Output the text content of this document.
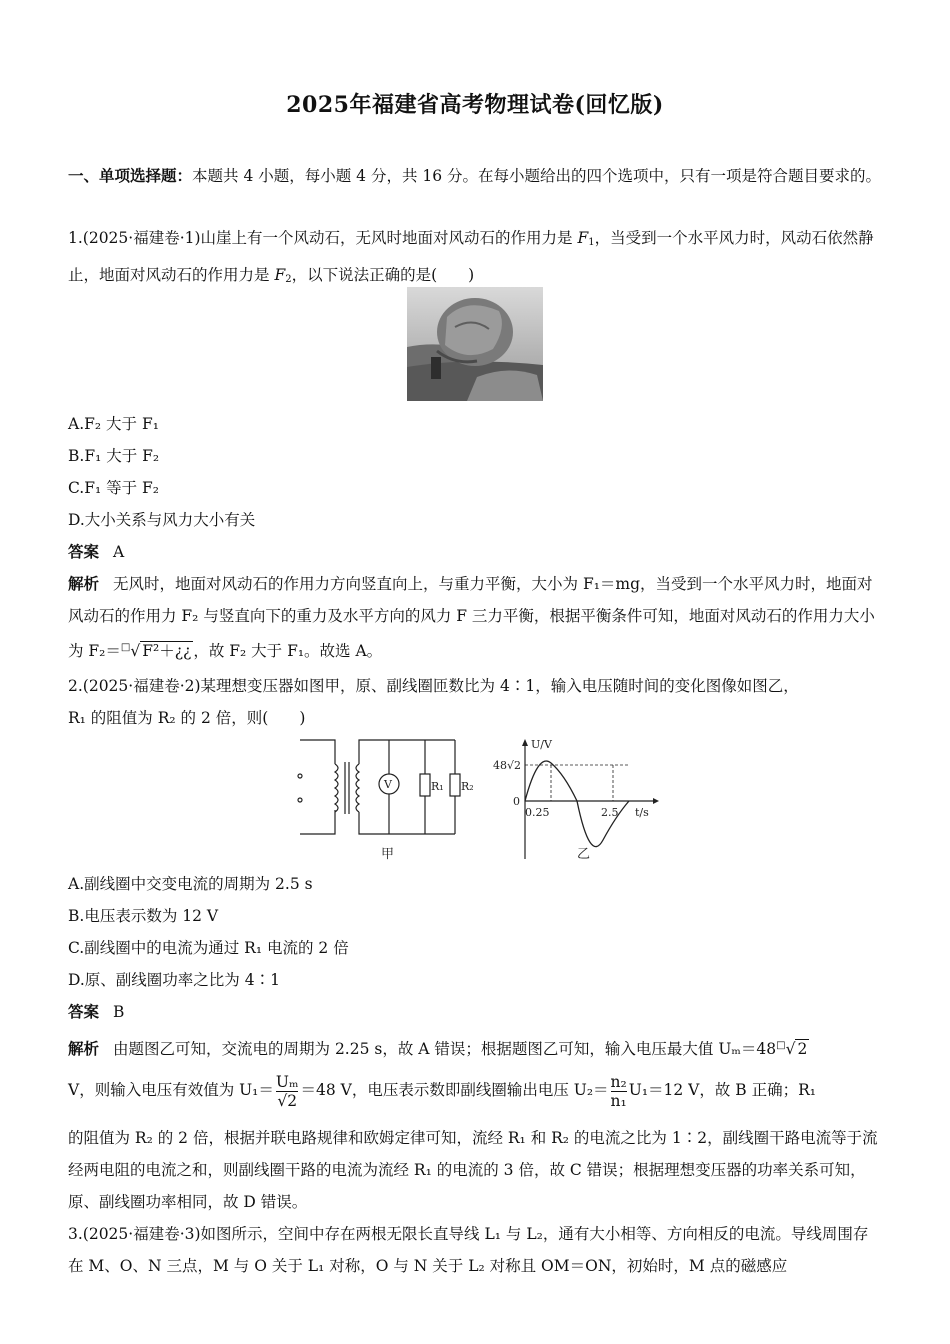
2025年福建省高考物理试卷(回忆版)
一、单项选择题：本题共 4 小题，每小题 4 分，共 16 分。在每小题给出的四个选项中，只有一项是符合题目要求的。
1.(2025·福建卷·1)山崖上有一个风动石，无风时地面对风动石的作用力是 $F_1$，当受到一个水平风力时，风动石依然静止，地面对风动石的作用力是 $F_2$，以下说法正确的是(　　)
A.F₂ 大于 F₁
B.F₁ 大于 F₂
C.F₁ 等于 F₂
D.大小关系与风力大小有关
答案 A
解析 无风时，地面对风动石的作用力方向竖直向上，与重力平衡，大小为 F₁＝mg，当受到一个水平风力时，地面对风动石的作用力 F₂ 与竖直向下的重力及水平方向的风力 F 三力平衡，根据平衡条件可知，地面对风动石的作用力大小为 F₂＝□√ F²＋¿¿ ，故 F₂ 大于 F₁。故选 A。
2.(2025·福建卷·2)某理想变压器如图甲，原、副线圈匝数比为 4∶1，输入电压随时间的变化图像如图乙，
R₁ 的阻值为 R₂ 的 2 倍，则(　　)
V	R₁ R₂
U/V
t/s
48√2
0
0.25	2.5
甲	乙
A.副线圈中交变电流的周期为 2.5 s
B.电压表示数为 12 V
C.副线圈中的电流为通过 R₁ 电流的 2 倍
D.原、副线圈功率之比为 4∶1
答案 B
解析 由题图乙可知，交流电的周期为 2.25 s，故 A 错误；根据题图乙可知，输入电压最大值 Uₘ＝48□√ 2
V，则输入电压有效值为 $U_1= \frac{\text{Uₘ}}{√2} =48$ V，电压表示数即副线圈输出电压 $U_2= \frac{\text{n₂}}{\text{n₁}} U_1=12$ V，故 B 正确；R₁
的阻值为 R₂ 的 2 倍，根据并联电路规律和欧姆定律可知，流经 R₁ 和 R₂ 的电流之比为 1∶2，副线圈干路电流等于流经两电阻的电流之和，则副线圈干路的电流为流经 R₁ 的电流的 3 倍，故 C 错误；根据理想变压器的功率关系可知，原、副线圈功率相同，故 D 错误。
3.(2025·福建卷·3)如图所示，空间中存在两根无限长直导线 L₁ 与 L₂，通有大小相等、方向相反的电流。导线周围存在 M、O、N 三点，M 与 O 关于 L₁ 对称，O 与 N 关于 L₂ 对称且 OM＝ON，初始时，M 点的磁感应
